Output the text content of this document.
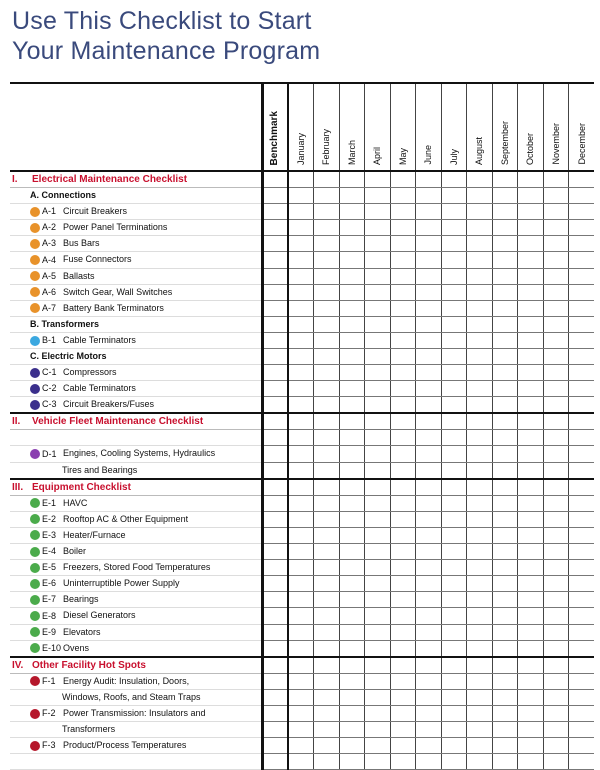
Use This Checklist to Start
Your Maintenance Program

	Benchmark	January	February	March	April	May	June	July	August	September	October	November	December

I. Electrical Maintenance Checklist													
A. Connections													
A-1 Circuit Breakers													
A-2 Power Panel Terminations													
A-3 Bus Bars													
A-4 Fuse Connectors													
A-5 Ballasts													
A-6 Switch Gear, Wall Switches													
A-7 Battery Bank Terminators													
B. Transformers													
B-1 Cable Terminators													
C. Electric Motors													
C-1 Compressors													
C-2 Cable Terminators													
C-3 Circuit Breakers/Fuses													
II. Vehicle Fleet Maintenance Checklist													

D-1 Engines, Cooling Systems, Hydraulics													
Tires and Bearings													
III. Equipment Checklist													
E-1 HAVC													
E-2 Rooftop AC & Other Equipment													
E-3 Heater/Furnace													
E-4 Boiler													
E-5 Freezers, Stored Food Temperatures													
E-6 Uninterruptible Power Supply													
E-7 Bearings													
E-8 Diesel Generators													
E-9 Elevators													
E-10 Ovens													
IV. Other Facility Hot Spots													
F-1 Energy Audit: Insulation, Doors,													
Windows, Roofs, and Steam Traps													
F-2 Power Transmission: Insulators and													
Transformers													
F-3 Product/Process Temperatures													
